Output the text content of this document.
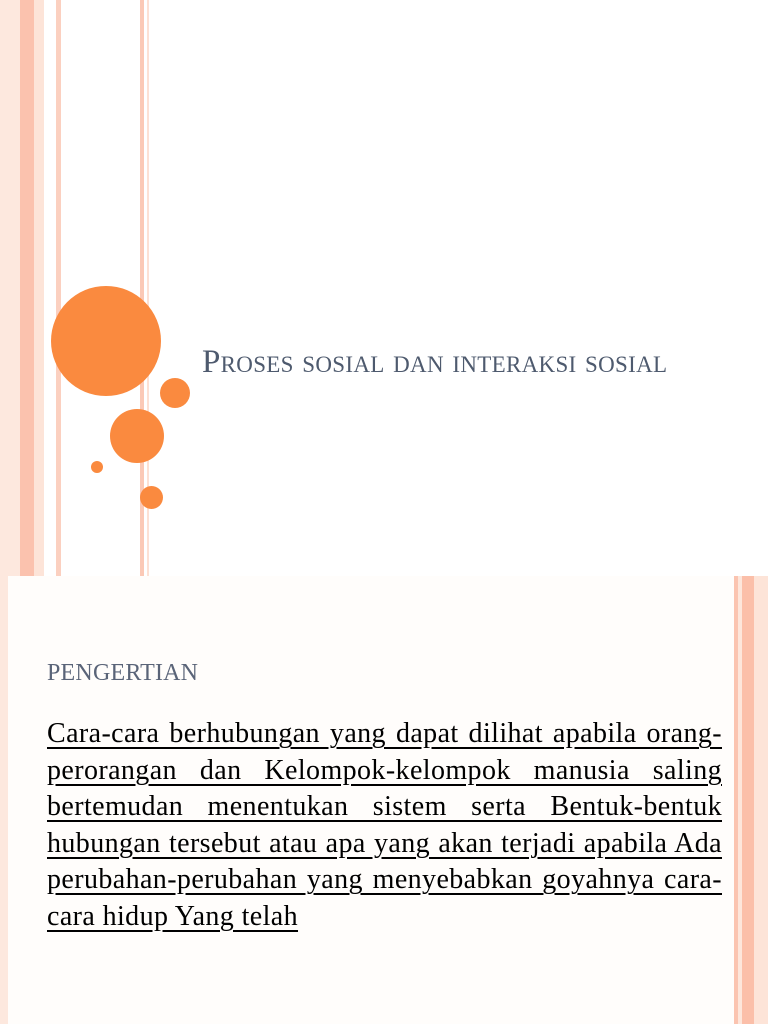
Proses sosial dan interaksi sosial
PENGERTIAN

Cara-cara berhubungan yang dapat dilihat apabila orang-perorangan dan Kelompok-kelompok manusia saling bertemudan menentukan sistem serta Bentuk-bentuk hubungan tersebut atau apa yang akan terjadi apabila Ada perubahan-perubahan yang menyebabkan goyahnya cara-cara hidup Yang telah
